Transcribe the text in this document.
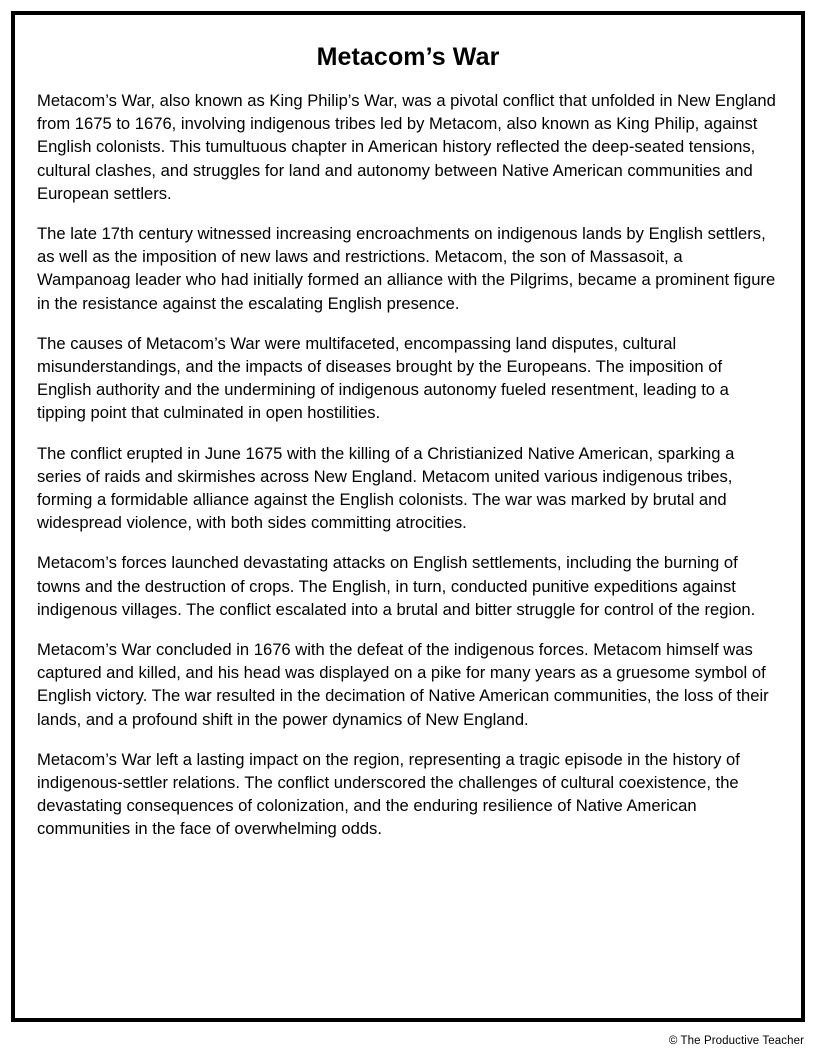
Metacom’s War

Metacom’s War, also known as King Philip’s War, was a pivotal conflict that unfolded in New England from 1675 to 1676, involving indigenous tribes led by Metacom, also known as King Philip, against English colonists. This tumultuous chapter in American history reflected the deep-seated tensions, cultural clashes, and struggles for land and autonomy between Native American communities and European settlers.

The late 17th century witnessed increasing encroachments on indigenous lands by English settlers, as well as the imposition of new laws and restrictions. Metacom, the son of Massasoit, a Wampanoag leader who had initially formed an alliance with the Pilgrims, became a prominent figure in the resistance against the escalating English presence.

The causes of Metacom’s War were multifaceted, encompassing land disputes, cultural misunderstandings, and the impacts of diseases brought by the Europeans. The imposition of English authority and the undermining of indigenous autonomy fueled resentment, leading to a tipping point that culminated in open hostilities.

The conflict erupted in June 1675 with the killing of a Christianized Native American, sparking a series of raids and skirmishes across New England. Metacom united various indigenous tribes, forming a formidable alliance against the English colonists. The war was marked by brutal and widespread violence, with both sides committing atrocities.

Metacom’s forces launched devastating attacks on English settlements, including the burning of towns and the destruction of crops. The English, in turn, conducted punitive expeditions against indigenous villages. The conflict escalated into a brutal and bitter struggle for control of the region.

Metacom’s War concluded in 1676 with the defeat of the indigenous forces. Metacom himself was captured and killed, and his head was displayed on a pike for many years as a gruesome symbol of English victory. The war resulted in the decimation of Native American communities, the loss of their lands, and a profound shift in the power dynamics of New England.

Metacom’s War left a lasting impact on the region, representing a tragic episode in the history of indigenous-settler relations. The conflict underscored the challenges of cultural coexistence, the devastating consequences of colonization, and the enduring resilience of Native American communities in the face of overwhelming odds.

© The Productive Teacher
